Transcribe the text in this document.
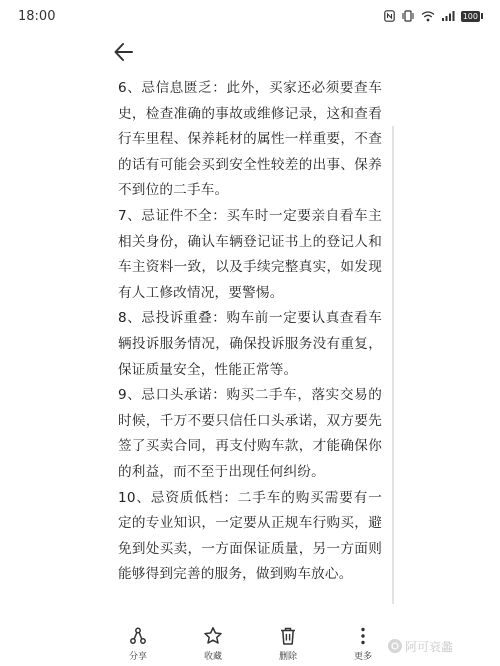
18:00	100

6、忌信息匮乏：此外，买家还必须要查车史，检查准确的事故或维修记录，这和查看行车里程、保养耗材的属性一样重要，不查的话有可能会买到安全性较差的出事、保养不到位的二手车。

7、忌证件不全：买车时一定要亲自看车主相关身份，确认车辆登记证书上的登记人和车主资料一致，以及手续完整真实，如发现有人工修改情况，要警惕。

8、忌投诉重叠：购车前一定要认真查看车辆投诉服务情况，确保投诉服务没有重复，保证质量安全，性能正常等。

9、忌口头承诺：购买二手车，落实交易的时候，千万不要只信任口头承诺，双方要先签了买卖合同，再支付购车款，才能确保你的利益，而不至于出现任何纠纷。

10、忌资质低档：二手车的购买需要有一定的专业知识，一定要从正规车行购买，避免到处买卖，一方面保证质量，另一方面则能够得到完善的服务，做到购车放心。

分享	收藏	删除	更多
阿可衰蠡
